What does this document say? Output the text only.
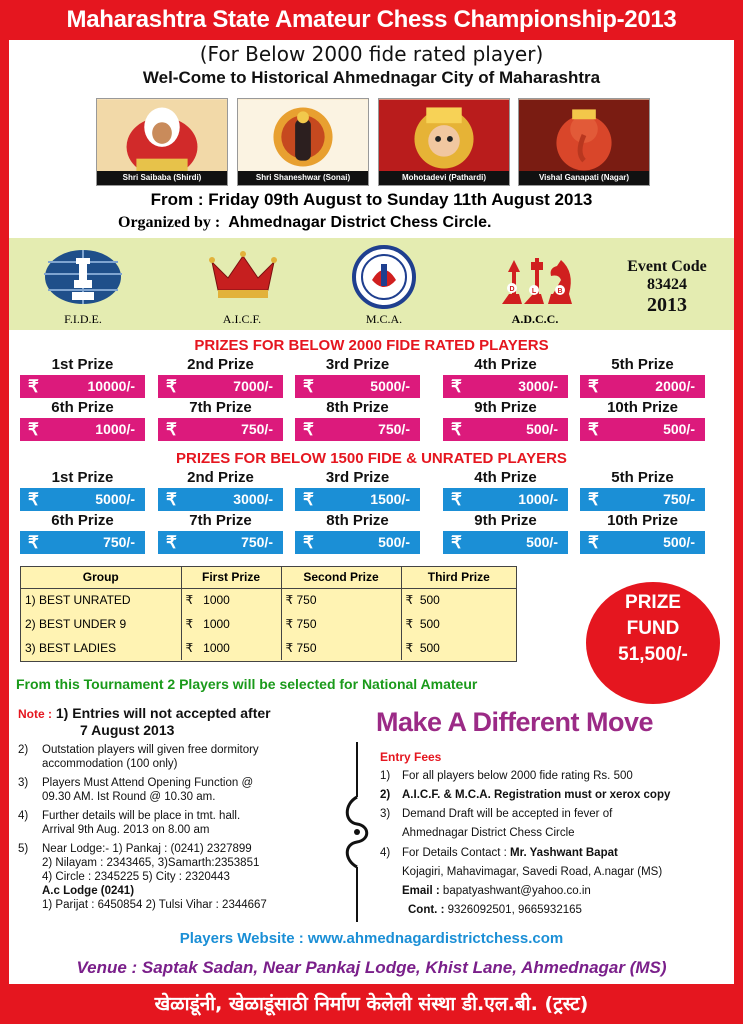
Maharashtra State Amateur Chess Championship-2013
(For Below 2000 fide rated player)
Wel-Come to Historical Ahmednagar City of Maharashtra
Shri Saibaba (Shirdi)	Shri Shaneshwar (Sonai)	Mohotadevi (Pathardi)	Vishal Ganapati (Nagar)
From : Friday 09th August to Sunday 11th August 2013
Organized by : Ahmednagar District Chess Circle.
F.I.D.E.	A.I.C.F.	M.C.A.
D L	B
A.D.C.C.
Event Code
83424
2013
PRIZES FOR BELOW 2000 FIDE RATED PLAYERS
1st Prize
₹	10000/-
2nd Prize
₹	7000/-
3rd Prize
₹	5000/-
4th Prize
₹	3000/-
5th Prize
₹	2000/-
6th Prize
₹	1000/-
7th Prize
₹	750/-
8th Prize
₹	750/-
9th Prize
₹	500/-
10th Prize
₹	500/-
PRIZES FOR BELOW 1500 FIDE & UNRATED PLAYERS
1st Prize
₹	5000/-
2nd Prize
₹	3000/-
3rd Prize
₹	1500/-
4th Prize
₹	1000/-
5th Prize
₹	750/-
6th Prize
₹	750/-
7th Prize
₹	750/-
8th Prize
₹	500/-
9th Prize
₹	500/-
10th Prize
₹	500/-
Group	First Prize	Second Prize	Third Prize
1) BEST UNRATED	₹ 1000	₹ 750	₹ 500
2) BEST UNDER 9	₹ 1000	₹ 750	₹ 500
3) BEST LADIES	₹ 1000	₹ 750	₹ 500
PRIZE
FUND
51,500/-
From this Tournament 2 Players will be selected for National Amateur
Note : 1) Entries will not accepted after
7 August 2013
2) Outstation players will given free dormitory
accommodation (100 only)
3) Players Must Attend Opening Function @
09.30 AM. Ist Round @ 10.30 am.
4) Further details will be place in tmt. hall.
Arrival 9th Aug. 2013 on 8.00 am
5) Near Lodge:- 1) Pankaj : (0241) 2327899
2) Nilayam : 2343465, 3)Samarth:2353851
4) Circle : 2345225 5) City : 2320443
A.c Lodge (0241)
1) Parijat : 6450854 2) Tulsi Vihar : 2344667
Make A Different Move
Entry Fees
1) For all players below 2000 fide rating Rs. 500
2) A.I.C.F. & M.C.A. Registration must or xerox copy
3) Demand Draft will be accepted in fever of
Ahmednagar District Chess Circle
4) For Details Contact : Mr. Yashwant Bapat
Kojagiri, Mahavimagar, Savedi Road, A.nagar (MS)
Email : bapatyashwant@yahoo.co.in
Cont. : 9326092501, 9665932165
Players Website : www.ahmednagardistrictchess.com
Venue : Saptak Sadan, Near Pankaj Lodge, Khist Lane, Ahmednagar (MS)
खेळाडूंनी, खेळाडूंसाठी निर्माण केलेली संस्था डी.एल.बी. (ट्रस्ट)
